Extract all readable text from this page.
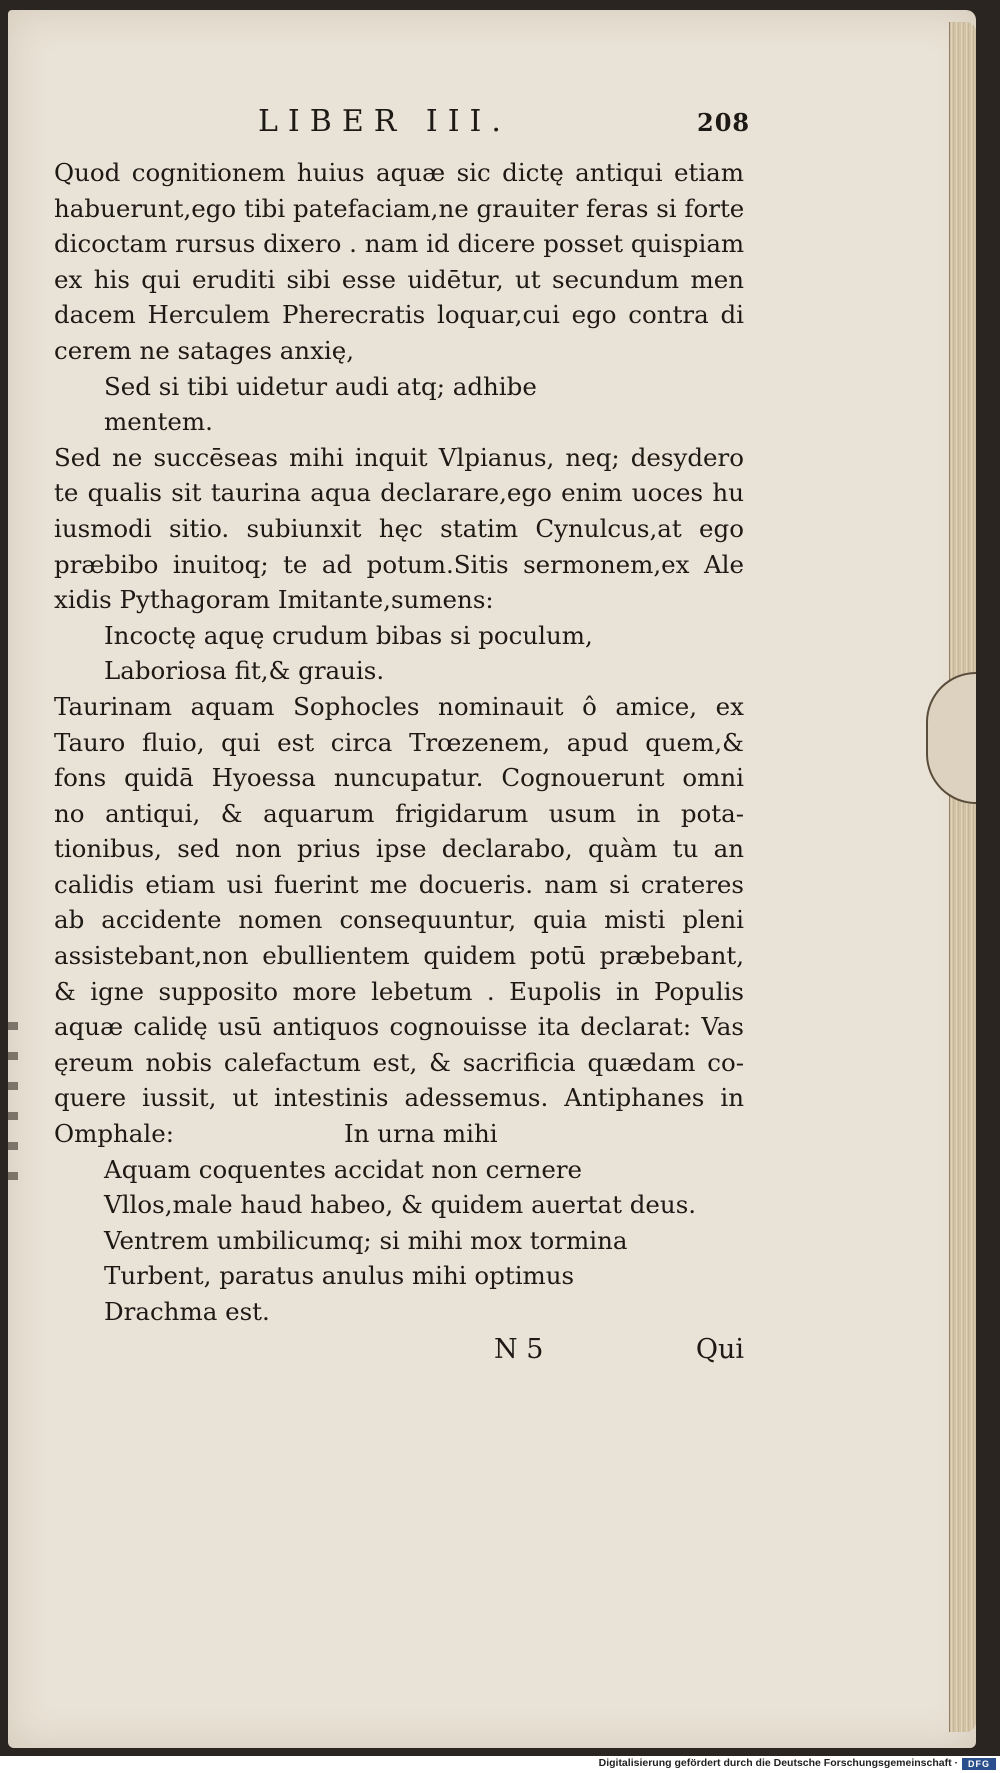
LIBER III.	208
Quod cognitionem huius aquæ sic dictę antiqui etiam
habuerunt,ego tibi patefaciam,ne grauiter feras si forte
dicoctam rursus dixero . nam id dicere posset quispiam
ex his qui eruditi sibi esse uidētur, ut secundum men
dacem Herculem Pherecratis loquar,cui ego contra di
cerem ne satages anxię,
Sed si tibi uidetur audi atq; adhibe
mentem.
Sed ne succēseas mihi inquit Vlpianus, neq; desydero
te qualis sit taurina aqua declarare,ego enim uoces hu
iusmodi sitio. subiunxit hęc statim Cynulcus,at ego
præbibo inuitoq; te ad potum.Sitis sermonem,ex Ale
xidis Pythagoram Imitante,sumens:
Incoctę aquę crudum bibas si poculum,
Laboriosa fit,& grauis.
Taurinam aquam Sophocles nominauit ô amice, ex
Tauro fluio, qui est circa Trœzenem, apud quem,&
fons quidā Hyoessa nuncupatur. Cognouerunt omni
no antiqui, & aquarum frigidarum usum in pota-
tionibus, sed non prius ipse declarabo, quàm tu an
calidis etiam usi fuerint me docueris. nam si crateres
ab accidente nomen consequuntur, quia misti pleni
assistebant,non ebullientem quidem potū præbebant,
& igne supposito more lebetum . Eupolis in Populis
aquæ calidę usū antiquos cognouisse ita declarat: Vas
ęreum nobis calefactum est, & sacrificia quædam co-
quere iussit, ut intestinis adessemus. Antiphanes in
Omphale:	In urna mihi
Aquam coquentes accidat non cernere
Vllos,male haud habeo, & quidem auertat deus.
Ventrem umbilicumq; si mihi mox tormina
Turbent, paratus anulus mihi optimus
Drachma est.
N 5	Qui
Digitalisierung gefördert durch die Deutsche Forschungsgemeinschaft ·	DFG
